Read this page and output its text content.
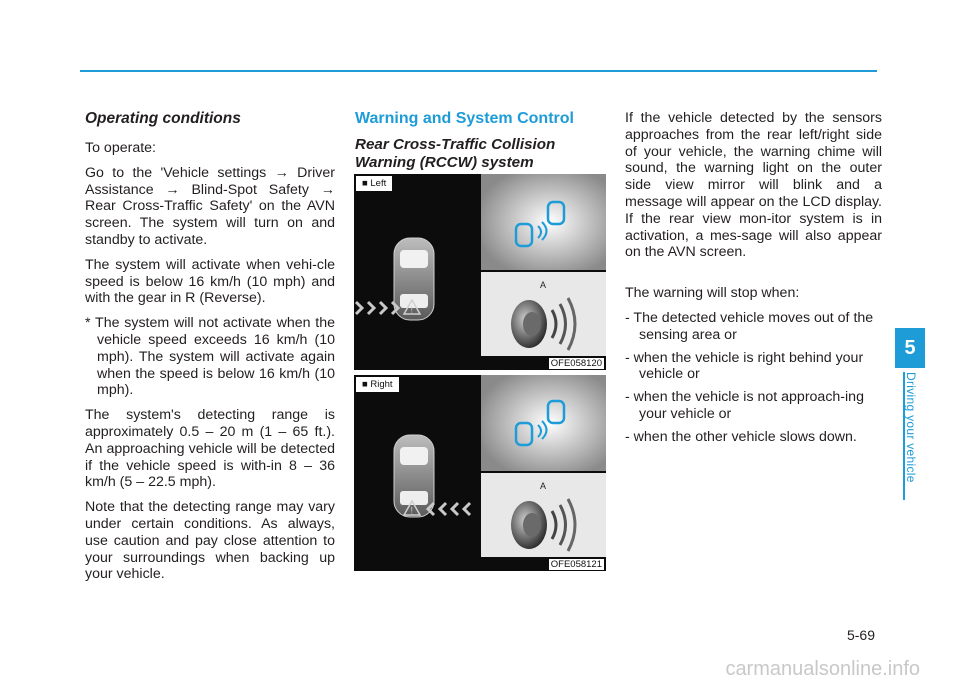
Operating conditions

To operate:

Go to the 'Vehicle settings → Driver Assistance → Blind-Spot Safety → Rear Cross-Traffic Safety' on the AVN screen. The system will turn on and standby to activate.

The system will activate when vehi-cle speed is below 16 km/h (10 mph) and with the gear in R (Reverse).

* The system will not activate when the vehicle speed exceeds 16 km/h (10 mph). The system will activate again when the speed is below 16 km/h (10 mph).

The system's detecting range is approximately 0.5 – 20 m (1 – 65 ft.). An approaching vehicle will be detected if the vehicle speed is with-in 8 – 36 km/h (5 – 22.5 mph).

Note that the detecting range may vary under certain conditions. As always, use caution and pay close attention to your surroundings when backing up your vehicle.

Warning and System Control
Rear Cross-Traffic Collision
Warning (RCCW) system
!
■ Left
A
OFE058120
!
■ Right
A
OFE058121

If the vehicle detected by the sensors approaches from the rear left/right side of your vehicle, the warning chime will sound, the warning light on the outer side view mirror will blink and a message will appear on the LCD display. If the rear view mon-itor system is in activation, a mes-sage will also appear on the AVN screen.

The warning will stop when:

- The detected vehicle moves out of the sensing area or

- when the vehicle is right behind your vehicle or

- when the vehicle is not approach-ing your vehicle or

- when the other vehicle slows down.

5
Driving your vehicle
5-69
carmanualsonline.info
